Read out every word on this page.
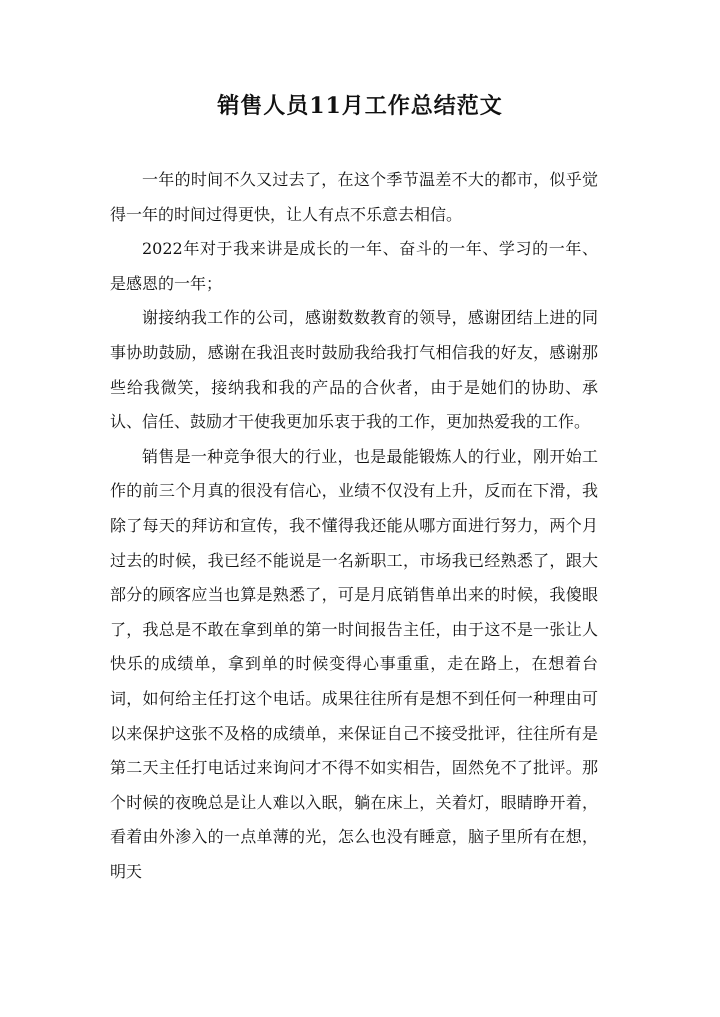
销售人员11月工作总结范文

一年的时间不久又过去了，在这个季节温差不大的都市，似乎觉得一年的时间过得更快，让人有点不乐意去相信。

2022年对于我来讲是成长的一年、奋斗的一年、学习的一年、是感恩的一年；

谢接纳我工作的公司，感谢数数教育的领导，感谢团结上进的同事协助鼓励，感谢在我沮丧时鼓励我给我打气相信我的好友，感谢那些给我微笑，接纳我和我的产品的合伙者，由于是她们的协助、承认、信任、鼓励才干使我更加乐衷于我的工作，更加热爱我的工作。

销售是一种竞争很大的行业，也是最能锻炼人的行业，刚开始工作的前三个月真的很没有信心，业绩不仅没有上升，反而在下滑，我除了每天的拜访和宣传，我不懂得我还能从哪方面进行努力，两个月过去的时候，我已经不能说是一名新职工，市场我已经熟悉了，跟大部分的顾客应当也算是熟悉了，可是月底销售单出来的时候，我傻眼了，我总是不敢在拿到单的第一时间报告主任，由于这不是一张让人快乐的成绩单，拿到单的时候变得心事重重，走在路上，在想着台词，如何给主任打这个电话。成果往往所有是想不到任何一种理由可以来保护这张不及格的成绩单，来保证自己不接受批评，往往所有是第二天主任打电话过来询问才不得不如实相告，固然免不了批评。那个时候的夜晚总是让人难以入眠，躺在床上，关着灯，眼睛睁开着，看着由外渗入的一点单薄的光，怎么也没有睡意，脑子里所有在想，明天
